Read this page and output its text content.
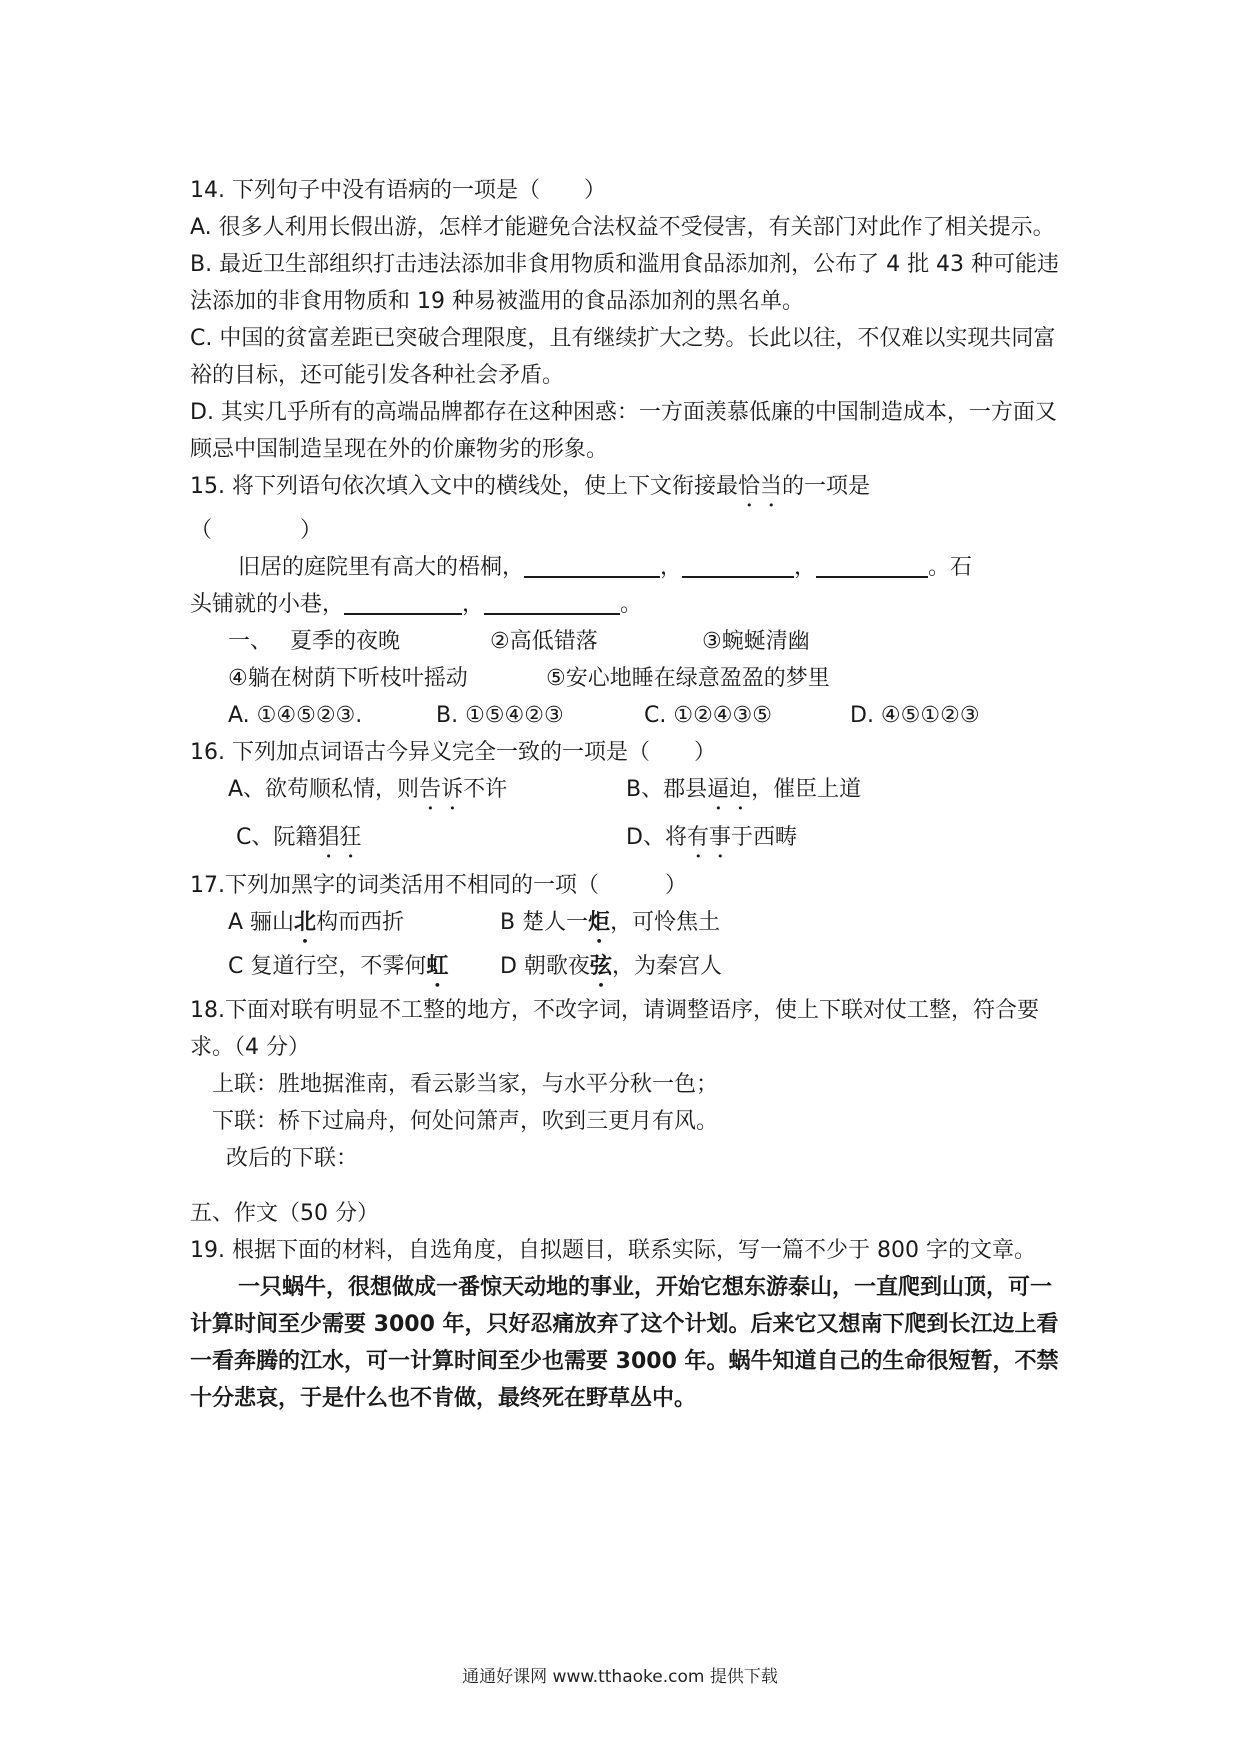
14. 下列句子中没有语病的一项是（　　）
A. 很多人利用长假出游，怎样才能避免合法权益不受侵害，有关部门对此作了相关提示。
B. 最近卫生部组织打击违法添加非食用物质和滥用食品添加剂，公布了 4 批 43 种可能违法添加的非食用物质和 19 种易被滥用的食品添加剂的黑名单。
C. 中国的贫富差距已突破合理限度，且有继续扩大之势。长此以往，不仅难以实现共同富裕的目标，还可能引发各种社会矛盾。
D. 其实几乎所有的高端品牌都存在这种困惑：一方面羡慕低廉的中国制造成本，一方面又顾忌中国制造呈现在外的价廉物劣的形象。
15. 将下列语句依次填入文中的横线处，使上下文衔接最恰当的一项是
（　　　　）
旧居的庭院里有高大的梧桐，	，	，	。石
头铺就的小巷，	，	。
一、　 夏季的夜晚	②高低错落	③蜿蜒清幽
④躺在树荫下听枝叶摇动	⑤安心地睡在绿意盈盈的梦里
A. ①④⑤②③.	B. ①⑤④②③	C. ①②④③⑤	D. ④⑤①②③
16. 下列加点词语古今异义完全一致的一项是（　　）
A、欲苟顺私情，则告诉不许	B、郡县逼迫，催臣上道
C、阮籍猖狂	D、将有事于西畴
17.下列加黑字的词类活用不相同的一项（　　　）
A 骊山北构而西折	B 楚人一炬，可怜焦土
C 复道行空，不霁何虹	D 朝歌夜弦，为秦宫人
18.下面对联有明显不工整的地方，不改字词，请调整语序，使上下联对仗工整，符合要求。（4 分）
上联：胜地据淮南，看云影当家，与水平分秋一色；
下联：桥下过扁舟，何处问箫声，吹到三更月有风。
改后的下联：
五、作文（50 分）
19. 根据下面的材料，自选角度，自拟题目，联系实际，写一篇不少于 800 字的文章。
一只蜗牛，很想做成一番惊天动地的事业，开始它想东游泰山，一直爬到山顶，可一计算时间至少需要 3000 年，只好忍痛放弃了这个计划。后来它又想南下爬到长江边上看一看奔腾的江水，可一计算时间至少也需要 3000 年。蜗牛知道自己的生命很短暂，不禁十分悲哀，于是什么也不肯做，最终死在野草丛中。
通通好课网 www.tthaoke.com 提供下载
